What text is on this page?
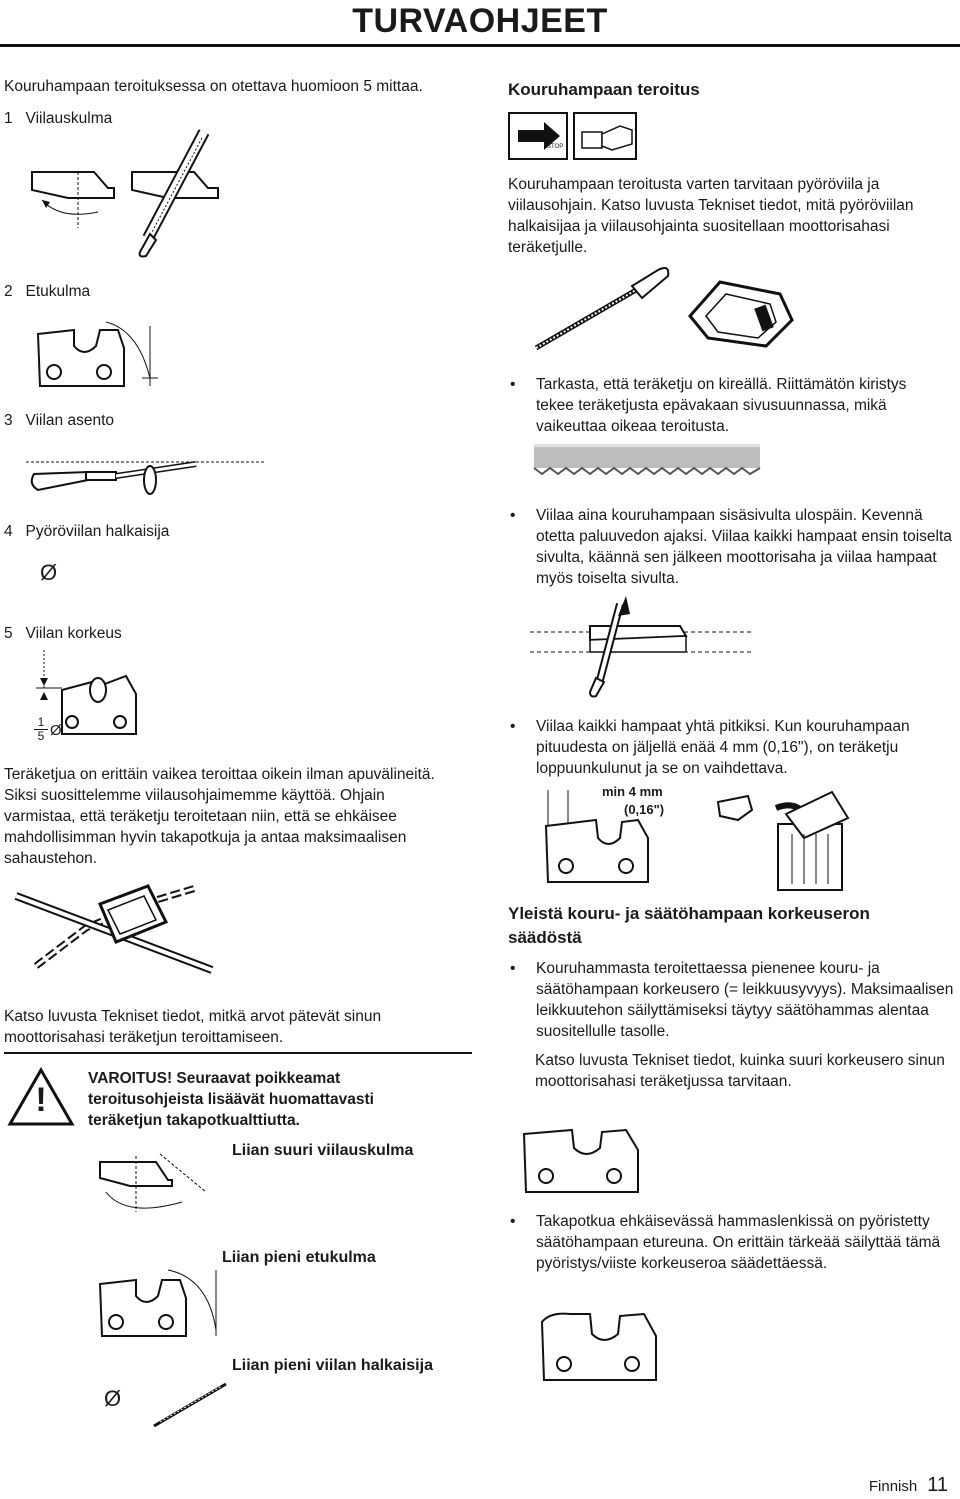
TURVAOHJEET
Kouruhampaan teroituksessa on otettava huomioon 5 mittaa.
1   Viilauskulma
2   Etukulma
3   Viilan asento
4   Pyöröviilan halkaisija
Ø
5   Viilan korkeus
$\frac{1}{5}$ Ø
Teräketjua on erittäin vaikea teroittaa oikein ilman apuvälineitä. Siksi suosittelemme viilausohjaimemme käyttöä. Ohjain varmistaa, että teräketju teroitetaan niin, että se ehkäisee mahdollisimman hyvin takapotkuja ja antaa maksimaalisen sahaustehon.
Katso luvusta Tekniset tiedot, mitkä arvot pätevät sinun moottorisahasi teräketjun teroittamiseen.
!
VAROITUS! Seuraavat poikkeamat teroitusohjeista lisäävät huomattavasti teräketjun takapotkualttiutta.
Liian suuri viilauskulma
Liian pieni etukulma
Ø
Liian pieni viilan halkaisija
Kouruhampaan teroitus
STOP
Kouruhampaan teroitusta varten tarvitaan pyöröviila ja viilausohjain. Katso luvusta Tekniset tiedot, mitä pyöröviilan halkaisijaa ja viilausohjainta suositellaan moottorisahasi teräketjulle.
• Tarkasta, että teräketju on kireällä. Riittämätön kiristys tekee teräketjusta epävakaan sivusuunnassa, mikä vaikeuttaa oikeaa teroitusta.
• Viilaa aina kouruhampaan sisäsivulta ulospäin. Kevennä otetta paluuvedon ajaksi. Viilaa kaikki hampaat ensin toiselta sivulta, käännä sen jälkeen moottorisaha ja viilaa hampaat myös toiselta sivulta.
• Viilaa kaikki hampaat yhtä pitkiksi. Kun kouruhampaan pituudesta on jäljellä enää 4 mm (0,16"), on teräketju loppuunkulunut ja se on vaihdettava.
min 4 mm
(0,16")
Yleistä kouru- ja säätöhampaan korkeuseron säädöstä
• Kouruhammasta teroitettaessa pienenee kouru- ja säätöhampaan korkeusero (= leikkuusyvyys). Maksimaalisen leikkuutehon säilyttämiseksi täytyy säätöhammas alentaa suositellulle tasolle.
Katso luvusta Tekniset tiedot, kuinka suuri korkeusero sinun moottorisahasi teräketjussa tarvitaan.
• Takapotkua ehkäisevässä hammaslenkissä on pyöristetty säätöhampaan etureuna. On erittäin tärkeää säilyttää tämä pyöristys/viiste korkeuseroa säädettäessä.
Finnish 11
